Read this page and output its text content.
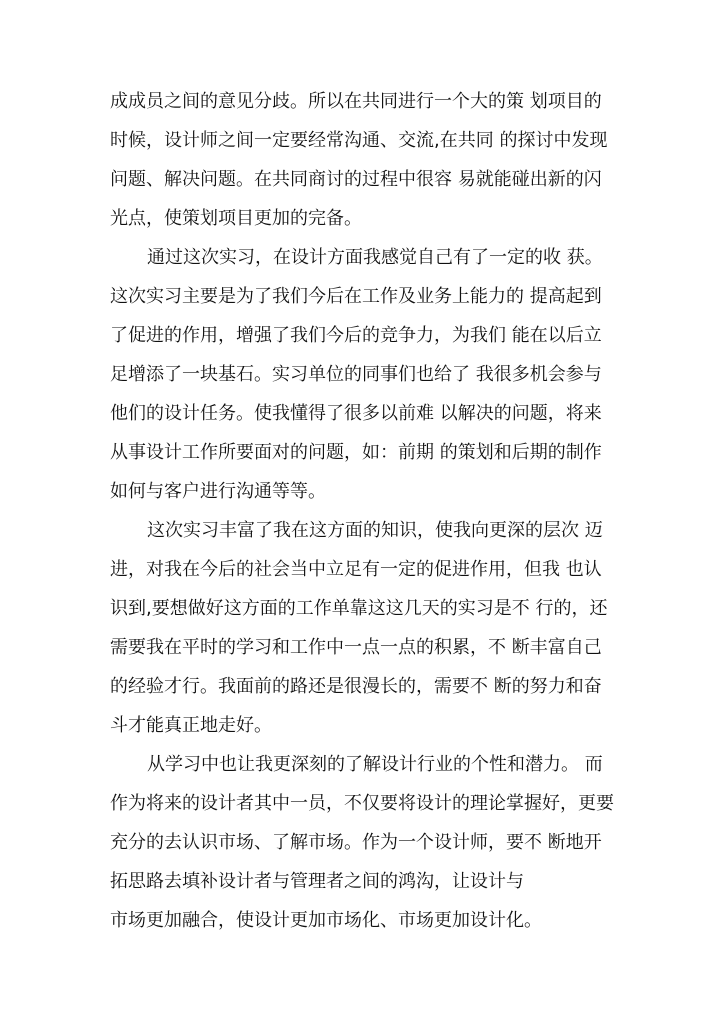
成成员之间的意见分歧。所以在共同进行一个大的策 划项目的
时候，设计师之间一定要经常沟通、交流,在共同 的探讨中发现
问题、解决问题。在共同商讨的过程中很容 易就能碰出新的闪
光点，使策划项目更加的完备。
通过这次实习，在设计方面我感觉自己有了一定的收 获。
这次实习主要是为了我们今后在工作及业务上能力的 提高起到
了促进的作用，增强了我们今后的竞争力，为我们 能在以后立
足增添了一块基石。实习单位的同事们也给了 我很多机会参与
他们的设计任务。使我懂得了很多以前难 以解决的问题，将来
从事设计工作所要面对的问题，如：前期 的策划和后期的制作
如何与客户进行沟通等等。
这次实习丰富了我在这方面的知识，使我向更深的层次 迈
进，对我在今后的社会当中立足有一定的促进作用，但我 也认
识到,要想做好这方面的工作单靠这这几天的实习是不 行的，还
需要我在平时的学习和工作中一点一点的积累，不 断丰富自己
的经验才行。我面前的路还是很漫长的，需要不 断的努力和奋
斗才能真正地走好。
从学习中也让我更深刻的了解设计行业的个性和潜力。 而
作为将来的设计者其中一员，不仅要将设计的理论掌握好，更要
充分的去认识市场、了解市场。作为一个设计师，要不 断地开
拓思路去填补设计者与管理者之间的鸿沟，让设计与
市场更加融合，使设计更加市场化、市场更加设计化。
